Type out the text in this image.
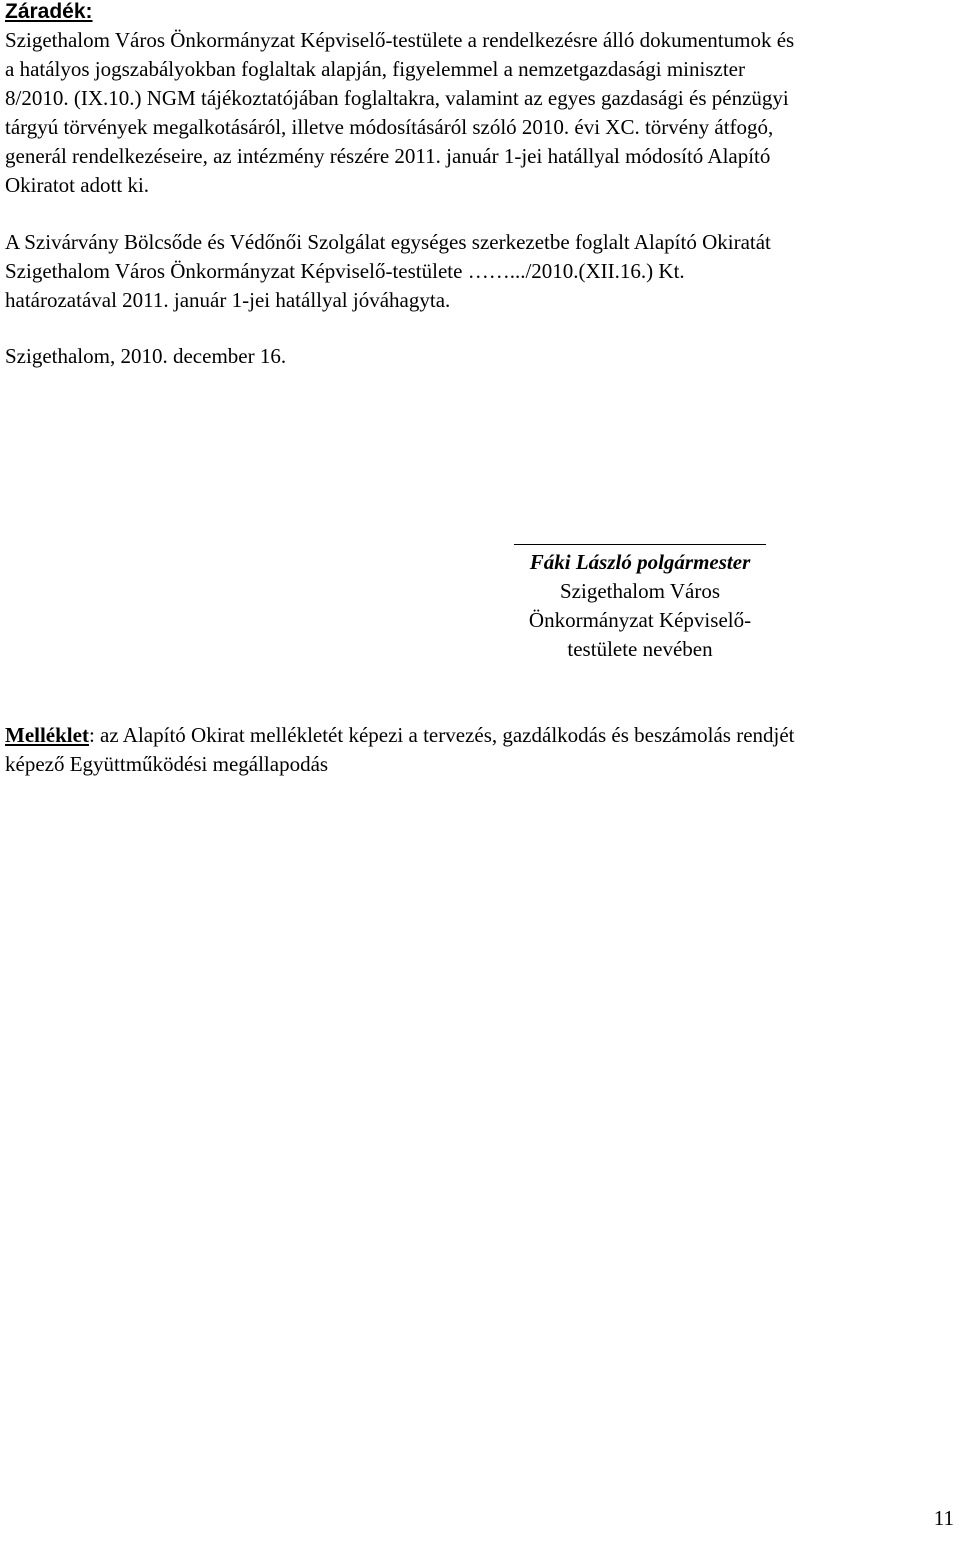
Záradék:
Szigethalom Város Önkormányzat Képviselő-testülete a rendelkezésre álló dokumentumok és
a hatályos jogszabályokban foglaltak alapján, figyelemmel a nemzetgazdasági miniszter
8/2010. (IX.10.) NGM tájékoztatójában foglaltakra, valamint az egyes gazdasági és pénzügyi
tárgyú törvények megalkotásáról, illetve módosításáról szóló 2010. évi XC. törvény átfogó,
generál rendelkezéseire, az intézmény részére 2011. január 1-jei hatállyal módosító Alapító
Okiratot adott ki.
A Szivárvány Bölcsőde és Védőnői Szolgálat egységes szerkezetbe foglalt Alapító Okiratát
Szigethalom Város Önkormányzat Képviselő-testülete …….../2010.(XII.16.) Kt.
határozatával 2011. január 1-jei hatállyal jóváhagyta.
Szigethalom, 2010. december 16.
Fáki László polgármester
Szigethalom Város
Önkormányzat Képviselő-
testülete nevében
Melléklet: az Alapító Okirat mellékletét képezi a tervezés, gazdálkodás és beszámolás rendjét
képező Együttműködési megállapodás
11
